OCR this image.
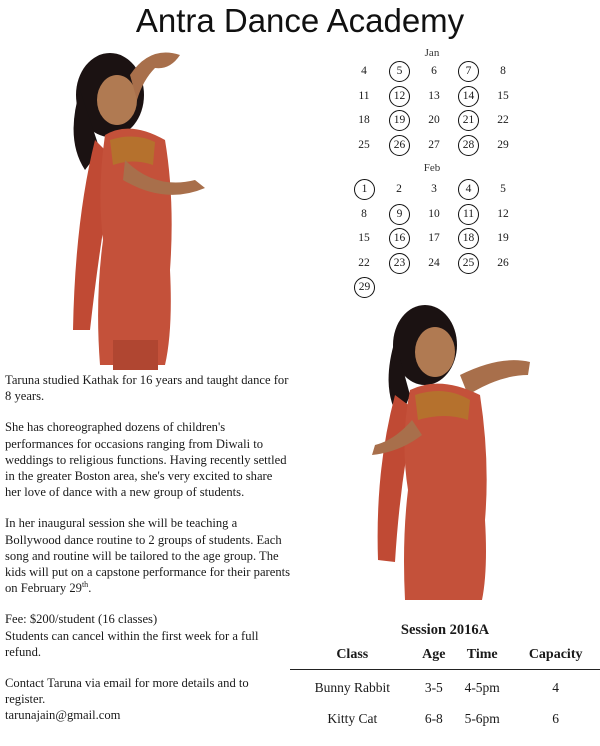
Antra Dance Academy
Jan
4	5	6	7	8
11	12	13	14	15
18	19	20	21	22
25	26	27	28	29
Feb
1	2	3	4	5
8	9	10	11	12
15	16	17	18	19
22	23	24	25	26
29

Taruna studied Kathak for 16 years and taught dance for 8 years.

She has choreographed dozens of children's performances for occasions ranging from Diwali to weddings to religious functions. Having recently settled in the greater Boston area, she's very excited to share her love of dance with a new group of students.

In her inaugural session she will be teaching a Bollywood dance routine to 2 groups of students. Each song and routine will be tailored to the age group. The kids will put on a capstone performance for their parents on February 29th.

Fee: $200/student (16 classes)

Students can cancel within the first week for a full refund.

Contact Taruna via email for more details and to register.

tarunajain@gmail.com

Session 2016A
Class	Age	Time	Capacity
Bunny Rabbit	3-5	4-5pm	4
Kitty Cat	6-8	5-6pm	6
